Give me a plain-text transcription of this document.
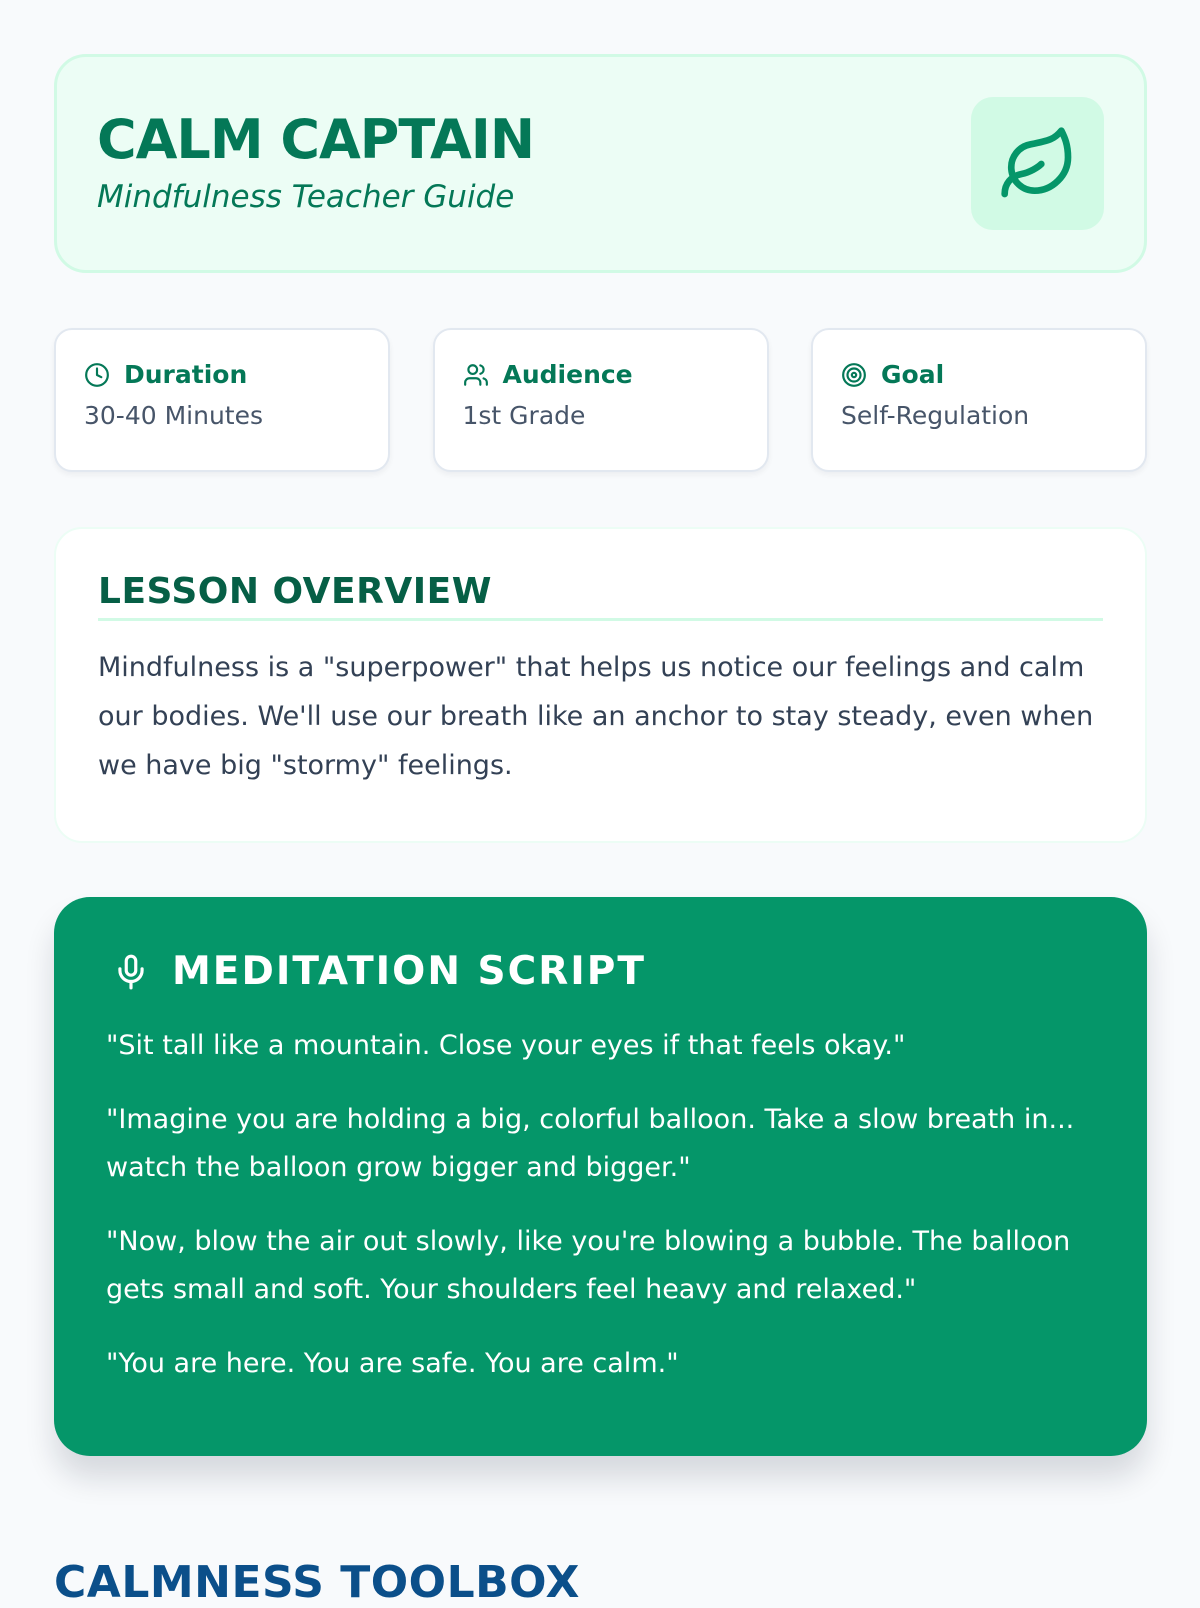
CALM CAPTAIN
Mindfulness Teacher Guide
Duration
30-40 Minutes
Audience
1st Grade
Goal
Self-Regulation
LESSON OVERVIEW
Mindfulness is a "superpower" that helps us notice our feelings and calm our bodies. We'll use our breath like an anchor to stay steady, even when we have big "stormy" feelings.
MEDITATION SCRIPT

"Sit tall like a mountain. Close your eyes if that feels okay."

"Imagine you are holding a big, colorful balloon. Take a slow breath in... watch the balloon grow bigger and bigger."

"Now, blow the air out slowly, like you're blowing a bubble. The balloon gets small and soft. Your shoulders feel heavy and relaxed."

"You are here. You are safe. You are calm."

CALMNESS TOOLBOX
